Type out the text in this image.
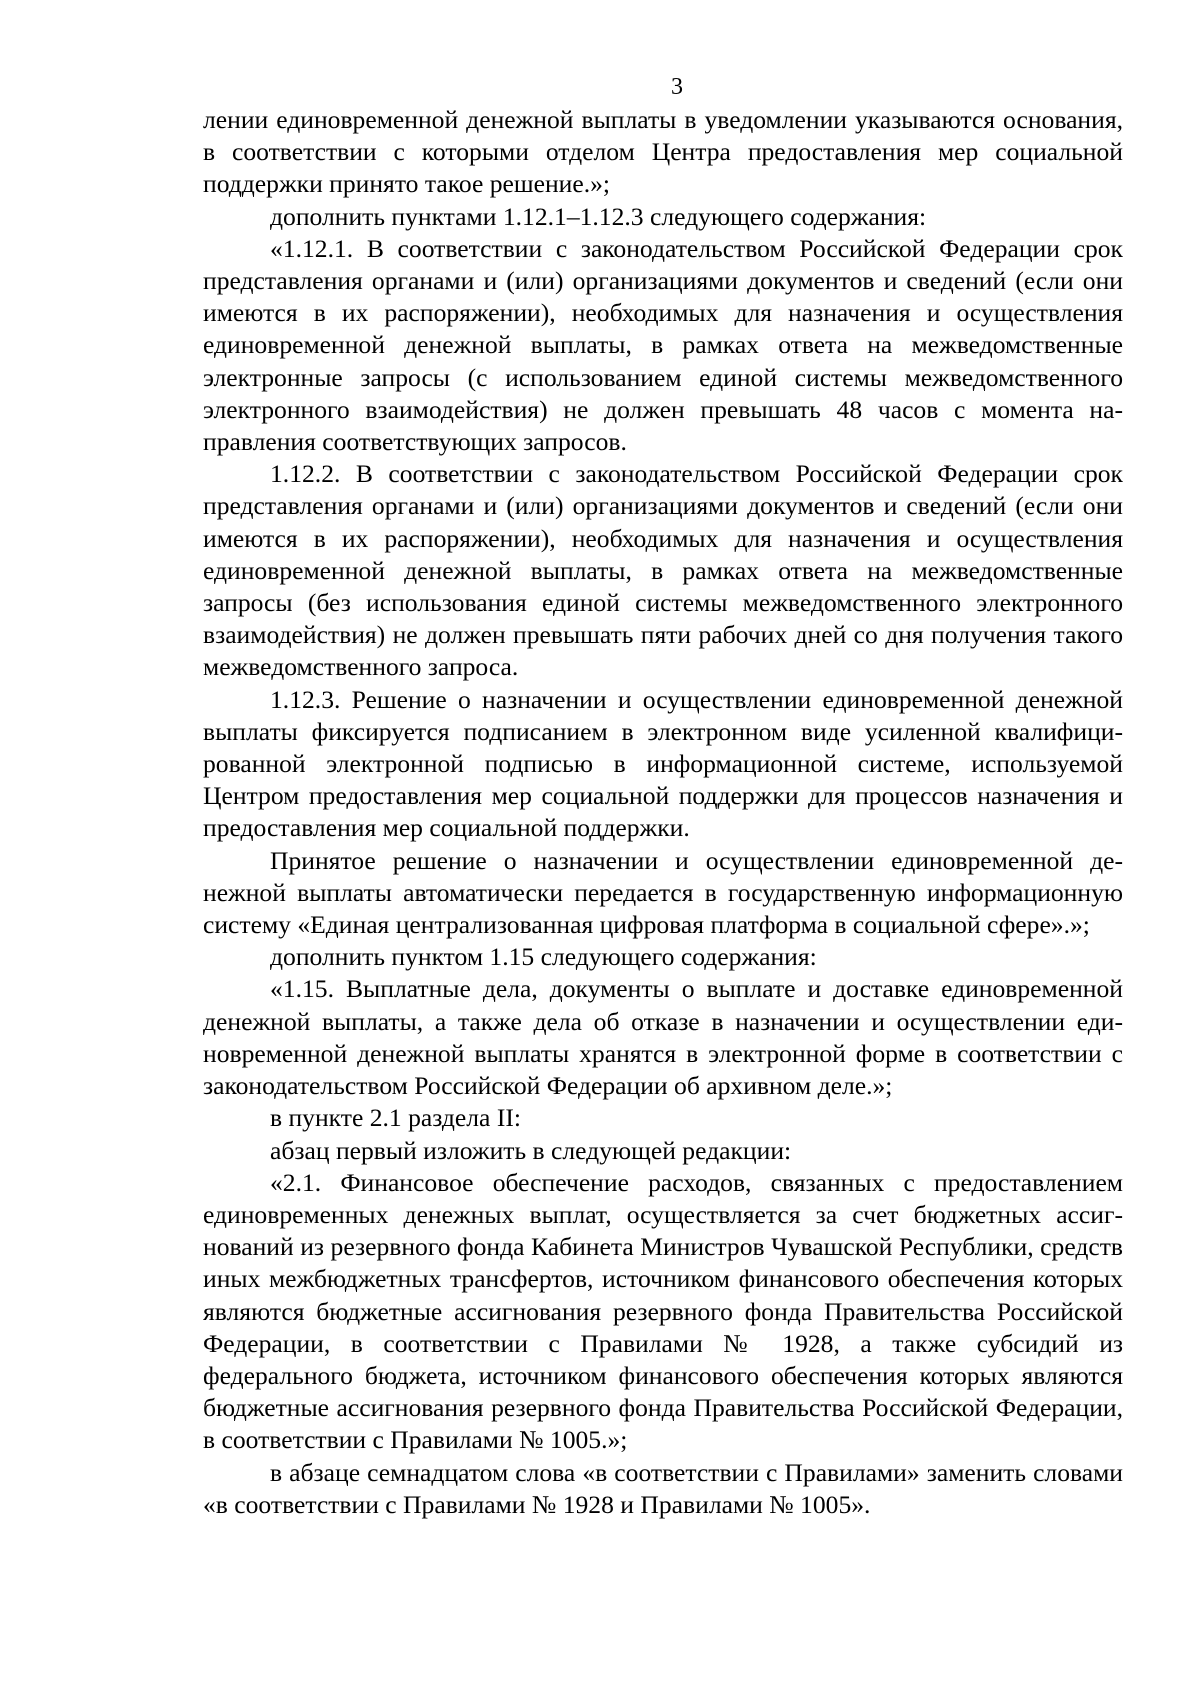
3

лении единовременной денежной выплаты в уведомлении указываются основания, в соответствии с которыми отделом Центра предоставления мер социальной поддержки принято такое решение.»;

дополнить пунктами 1.12.1–1.12.3 следующего содержания:

«1.12.1. В соответствии с законодательством Российской Федерации срок представления органами и (или) организациями документов и сведений (если они имеются в их распоряжении), необходимых для назначения и осуществления единовременной денежной выплаты, в рамках ответа на межведомственные электронные запросы (с использованием единой системы межведомственного электронного взаимодействия) не должен превышать 48 часов с момента направления соответствующих запросов.

1.12.2. В соответствии с законодательством Российской Федерации срок представления органами и (или) организациями документов и сведений (если они имеются в их распоряжении), необходимых для назначения и осуществления единовременной денежной выплаты, в рамках ответа на межведомственные запросы (без использования единой системы межведомственного электронного взаимодействия) не должен превышать пяти рабочих дней со дня получения такого межведомственного запроса.

1.12.3. Решение о назначении и осуществлении единовременной денежной выплаты фиксируется подписанием в электронном виде усиленной квалифицированной электронной подписью в информационной системе, используемой Центром предоставления мер социальной поддержки для процессов назначения и предоставления мер социальной поддержки.

Принятое решение о назначении и осуществлении единовременной денежной выплаты автоматически передается в государственную информационную систему «Единая централизованная цифровая платформа в социальной сфере».»;

дополнить пунктом 1.15 следующего содержания:

«1.15. Выплатные дела, документы о выплате и доставке единовременной денежной выплаты, а также дела об отказе в назначении и осуществлении единовременной денежной выплаты хранятся в электронной форме в соответствии с законодательством Российской Федерации об архивном деле.»;

в пункте 2.1 раздела II:

абзац первый изложить в следующей редакции:

«2.1. Финансовое обеспечение расходов, связанных с предоставлением единовременных денежных выплат, осуществляется за счет бюджетных ассигнований из резервного фонда Кабинета Министров Чувашской Республики, средств иных межбюджетных трансфертов, источником финансового обеспечения которых являются бюджетные ассигнования резервного фонда Правительства Российской Федерации, в соответствии с Правилами № 1928, а также субсидий из федерального бюджета, источником финансового обеспечения которых являются бюджетные ассигнования резервного фонда Правительства Российской Федерации, в соответствии с Правилами № 1005.»;

в абзаце семнадцатом слова «в соответствии с Правилами» заменить словами «в соответствии с Правилами № 1928 и Правилами № 1005».
